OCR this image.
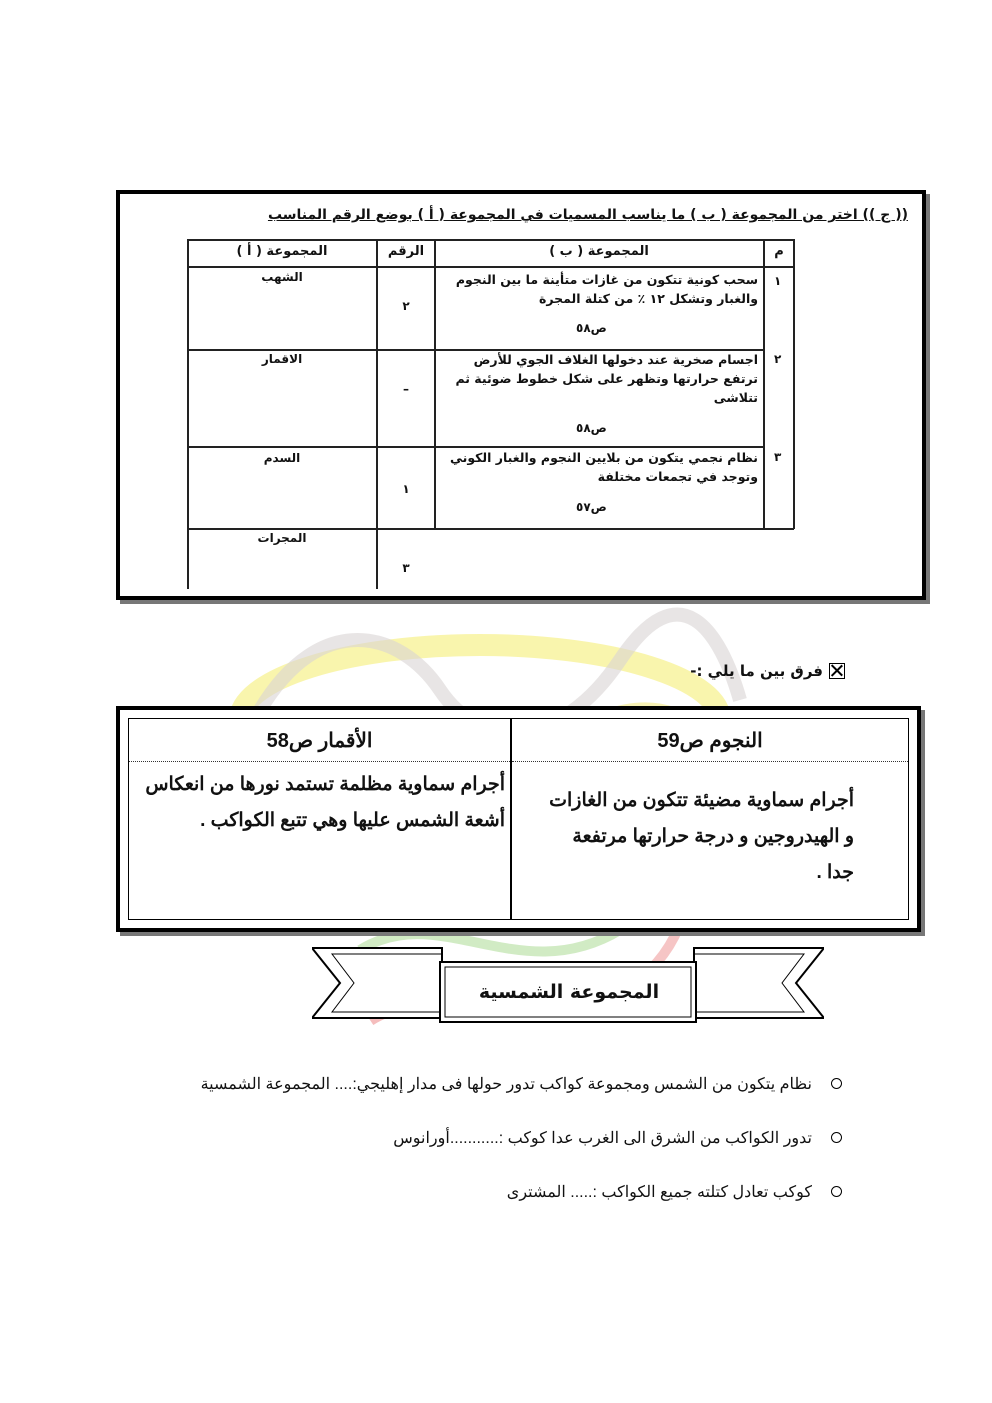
(( ج )) اختر من المجموعة ( ب ) ما يناسب المسميات في المجموعة ( أ ) بوضع الرقم المناسب
م
المجموعة ( ب )
الرقم
المجموعة ( أ )
١
سحب كونية تتكون من غازات متأينة ما بين النجوم والغبار وتشكل ١٢ ٪ من كتلة المجرة
ص٥٨
٢
الشهب
٢
اجسام صخرية عند دخولها الغلاف الجوي للأرض ترتفع حرارتها وتظهر على شكل خطوط ضوئية ثم تتلاشى
ص٥٨
–
الاقمار
٣
نظام نجمي يتكون من بلايين النجوم والغبار الكوني وتوجد في تجمعات مختلفة
ص٥٧
١
السدم
٣
المجرات
فرق بين ما يلي :-
النجوم ص59
الأقمار ص58
أجرام سماوية مضيئة تتكون من الغازات و الهيدروجين و درجة حرارتها مرتفعة جدا .
أجرام سماوية مظلمة تستمد نورها من انعكاس أشعة الشمس عليها وهي تتبع الكواكب .
المجموعة الشمسية
نظام يتكون من الشمس ومجموعة كواكب تدور حولها فى مدار إهليجي:.... المجموعة الشمسية
تدور الكواكب من الشرق الى الغرب عدا كوكب :...........أورانوس
كوكب تعادل كتلته جميع الكواكب :..... المشترى
